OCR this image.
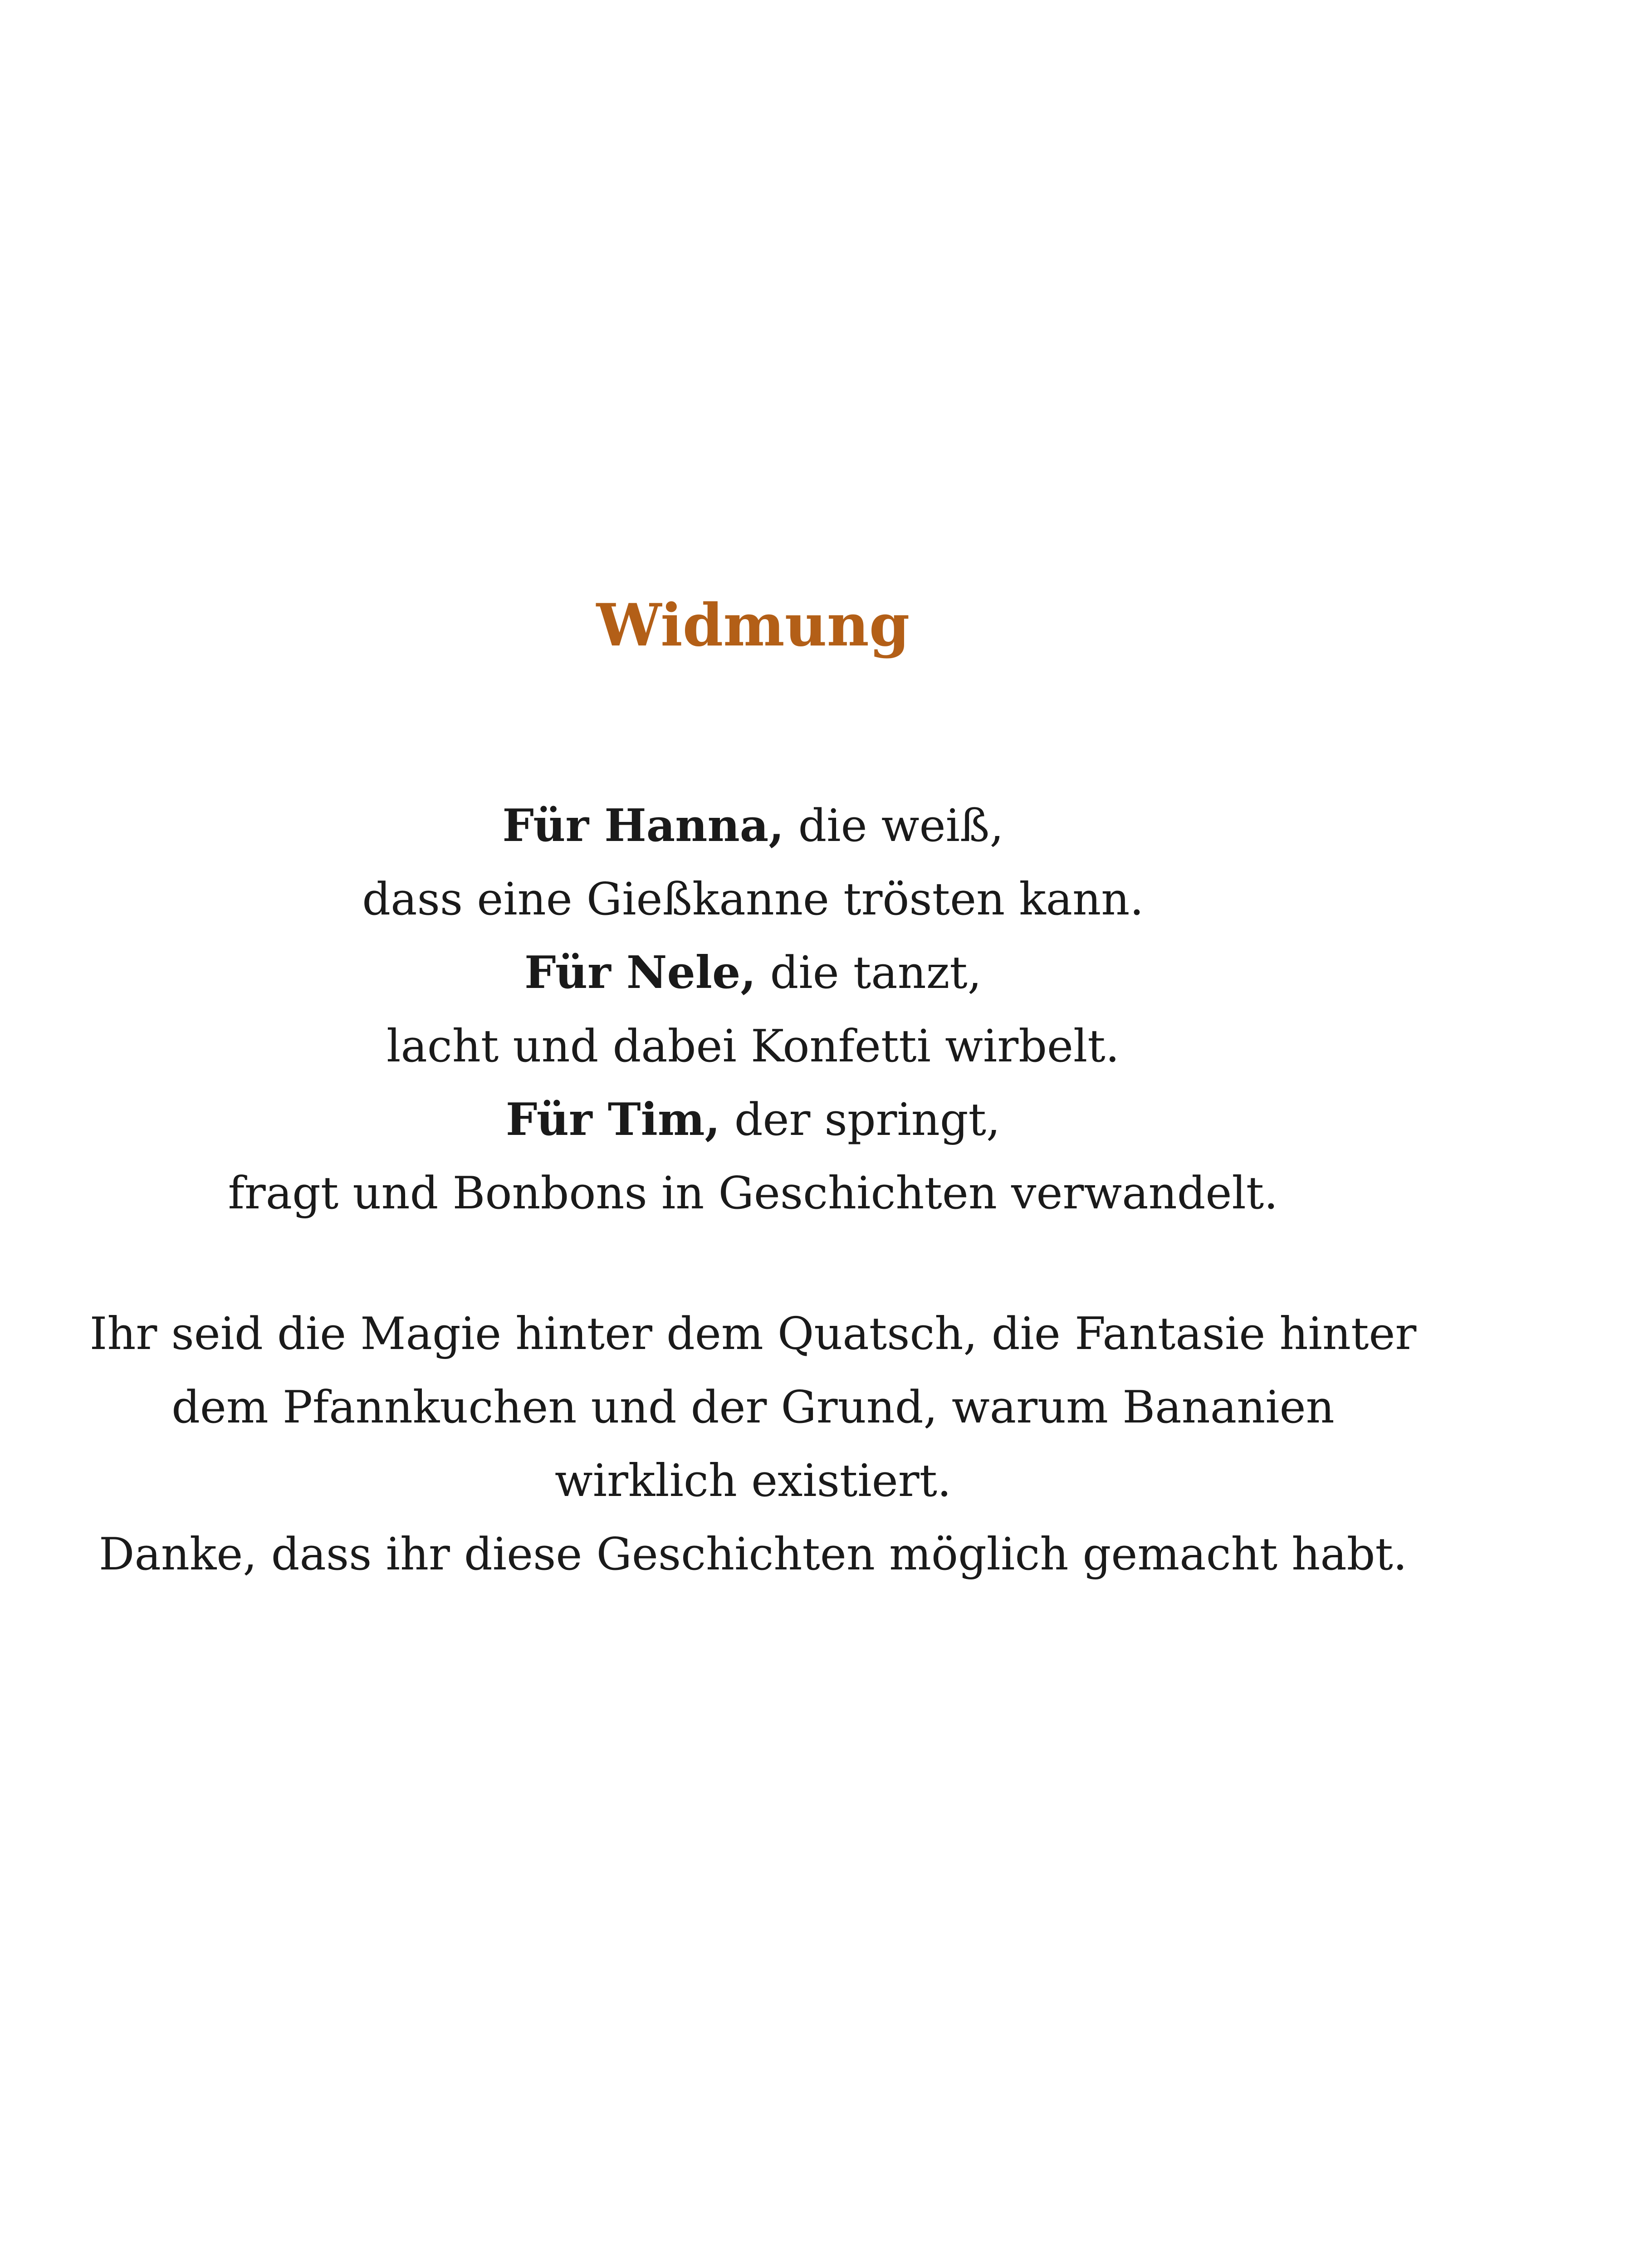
Widmung
Für Hanna, die weiß,
dass eine Gießkanne trösten kann.
Für Nele, die tanzt,
lacht und dabei Konfetti wirbelt.
Für Tim, der springt,
fragt und Bonbons in Geschichten verwandelt.
Ihr seid die Magie hinter dem Quatsch, die Fantasie hinter
dem Pfannkuchen und der Grund, warum Bananien
wirklich existiert.
Danke, dass ihr diese Geschichten möglich gemacht habt.
